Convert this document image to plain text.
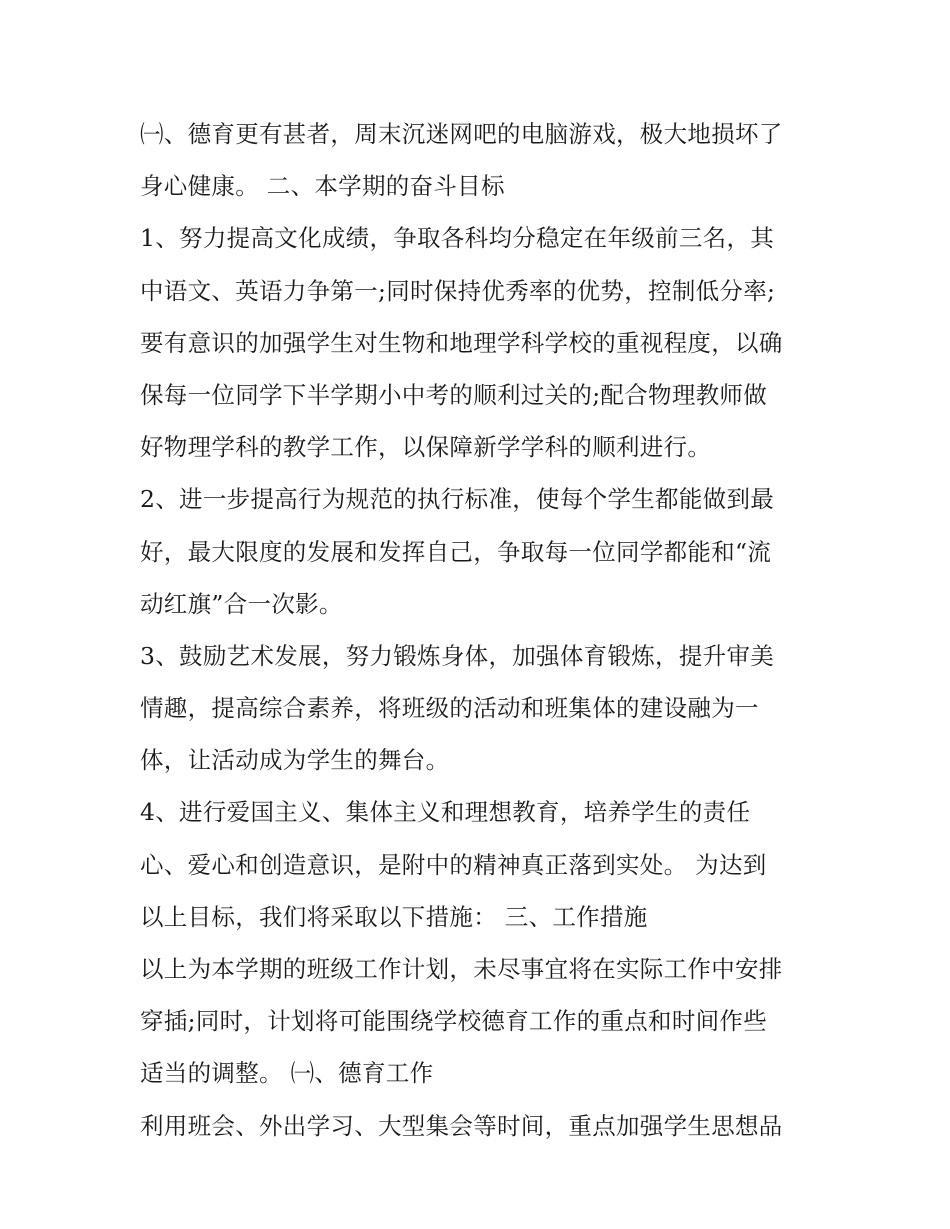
㈠、德育更有甚者，周末沉迷网吧的电脑游戏，极大地损坏了
身心健康。 二、本学期的奋斗目标
1、努力提高文化成绩，争取各科均分稳定在年级前三名，其
中语文、英语力争第一;同时保持优秀率的优势，控制低分率;
要有意识的加强学生对生物和地理学科学校的重视程度，以确
保每一位同学下半学期小中考的顺利过关的;配合物理教师做
好物理学科的教学工作，以保障新学学科的顺利进行。
2、进一步提高行为规范的执行标准，使每个学生都能做到最
好，最大限度的发展和发挥自己，争取每一位同学都能和“流
动红旗”合一次影。
3、鼓励艺术发展，努力锻炼身体，加强体育锻炼，提升审美
情趣，提高综合素养，将班级的活动和班集体的建设融为一
体，让活动成为学生的舞台。
4、进行爱国主义、集体主义和理想教育，培养学生的责任
心、爱心和创造意识，是附中的精神真正落到实处。 为达到
以上目标，我们将采取以下措施： 三、工作措施
以上为本学期的班级工作计划，未尽事宜将在实际工作中安排
穿插;同时，计划将可能围绕学校德育工作的重点和时间作些
适当的调整。 ㈠、德育工作
利用班会、外出学习、大型集会等时间，重点加强学生思想品
